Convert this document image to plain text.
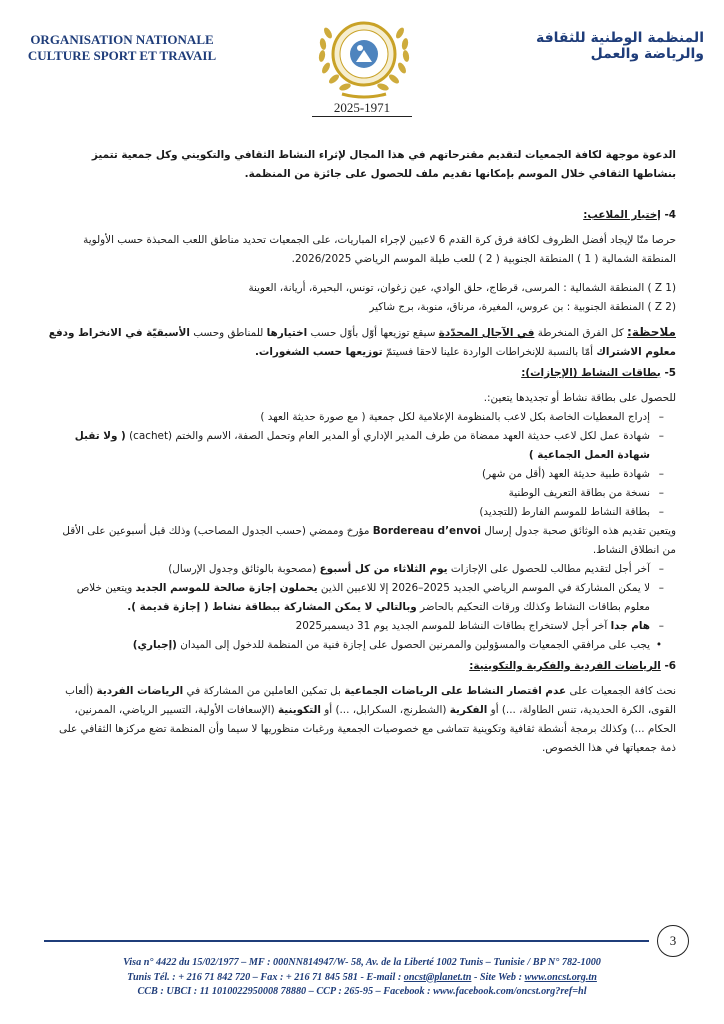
ORGANISATION NATIONALE
CULTURE SPORT ET TRAVAIL
المنظمة الوطنية للثقافة والرياضة والعمل
2025-1971

الدعوة موجهة لكافة الجمعيات لتقديم مقترحاتهم في هذا المجال لإثراء النشاط الثقافي والتكويني وكل جمعية تتميز بنشاطها الثقافي خلال الموسم بإمكانها تقديم ملف للحصول على جائزة من المنظمة.

4- إختيار الملاعب:

حرصا منّا لإيجاد أفضل الظروف لكافة فرق كرة القدم 6 لاعبين لإجراء المباريات، على الجمعيات تحديد مناطق اللعب المحبذة حسب الأولوية المنطقة الشمالية ( 1 ) المنطقة الجنوبية ( 2 ) للعب طيلة الموسم الرياضي 2026/2025.

(Z 1 ) المنطقة الشمالية : المرسى، قرطاج، حلق الوادي، عين زغوان، تونس، البحيرة، أريانة، العوينة

(Z 2 ) المنطقة الجنوبية : بن عروس، المغيرة، مرناق، منوبة، برج شاكير

ملاحظة: كل الفرق المنخرطة في الآجال المحدّدة سيقع توزيعها أوّل بأوّل حسب اختيارها للمناطق وحسب الأسبقيّة في الانخراط ودفع معلوم الاشتراك أمّا بالنسبة للإنخراطات الواردة علينا لاحقا فسيتمّ توزيعها حسب الشغورات.

5- بطاقات النشاط (الإجازات):

للحصول على بطاقة نشاط أو تجديدها يتعين:.

– إدراج المعطيات الخاصة بكل لاعب بالمنظومة الإعلامية لكل جمعية ( مع صورة حديثة العهد )
– شهادة عمل لكل لاعب حديثة العهد ممضاة من طرف المدير الإداري أو المدير العام وتحمل الصفة، الاسم والختم (cachet) ( ولا تقبل شهادة العمل الجماعية )
– شهادة طبية حديثة العهد (أقل من شهر)
– نسخة من بطاقة التعريف الوطنية
– بطاقة النشاط للموسم الفارط (للتجديد)

ويتعين تقديم هذه الوثائق صحبة جدول إرسال Bordereau d’envoi مؤرخ وممضي (حسب الجدول المصاحب) وذلك قبل أسبوعين على الأقل من انطلاق النشاط.

– آخر أجل لتقديم مطالب للحصول على الإجازات يوم الثلاثاء من كل أسبوع (مصحوبة بالوثائق وجدول الإرسال)
– لا يمكن المشاركة في الموسم الرياضي الجديد 2025–2026 إلا للاعبين الذين يحملون إجازة صالحة للموسم الجديد ويتعين خلاص معلوم بطاقات النشاط وكذلك ورقات التحكيم بالحاضر وبالتالي لا يمكن المشاركة ببطاقة نشاط ( إجازة قديمة ).
– هام جدا آخر أجل لاستخراج بطاقات النشاط للموسم الجديد يوم 31 ديسمبر2025
• يجب على مرافقي الجمعيات والمسؤولين والممرنين الحصول على إجازة فنية من المنظمة للدخول إلى الميدان (إجباري)

6- الرياضات الفردية والفكرية والتكوينية:

نحث كافة الجمعيات على عدم اقتصار النشاط على الرياضات الجماعية بل تمكين العاملين من المشاركة في الرياضات الفردية (ألعاب القوى، الكرة الحديدية، تنس الطاولة، ...) أو الفكرية (الشطرنج، السكرابل، ...) أو التكوينية (الإسعافات الأولية، التسيير الرياضي، الممرنين، الحكام ...) وكذلك برمجة أنشطة ثقافية وتكوينية تتماشى مع خصوصيات الجمعية ورغبات منظوريها لا سيما وأن المنظمة تضع مركزها الثقافي على ذمة جمعياتها في هذا الخصوص.

3
Visa n° 4422 du 15/02/1977 – MF : 000NN814947/W- 58, Av. de la Liberté 1002 Tunis – Tunisie / BP N° 782-1000
Tunis Tél. : + 216 71 842 720 – Fax : + 216 71 845 581 - E-mail : oncst@planet.tn - Site Web : www.oncst.org.tn
CCB : UBCI : 11 1010022950008 78880 – CCP : 265-95 – Facebook : www.facebook.com/oncst.org?ref=hl
